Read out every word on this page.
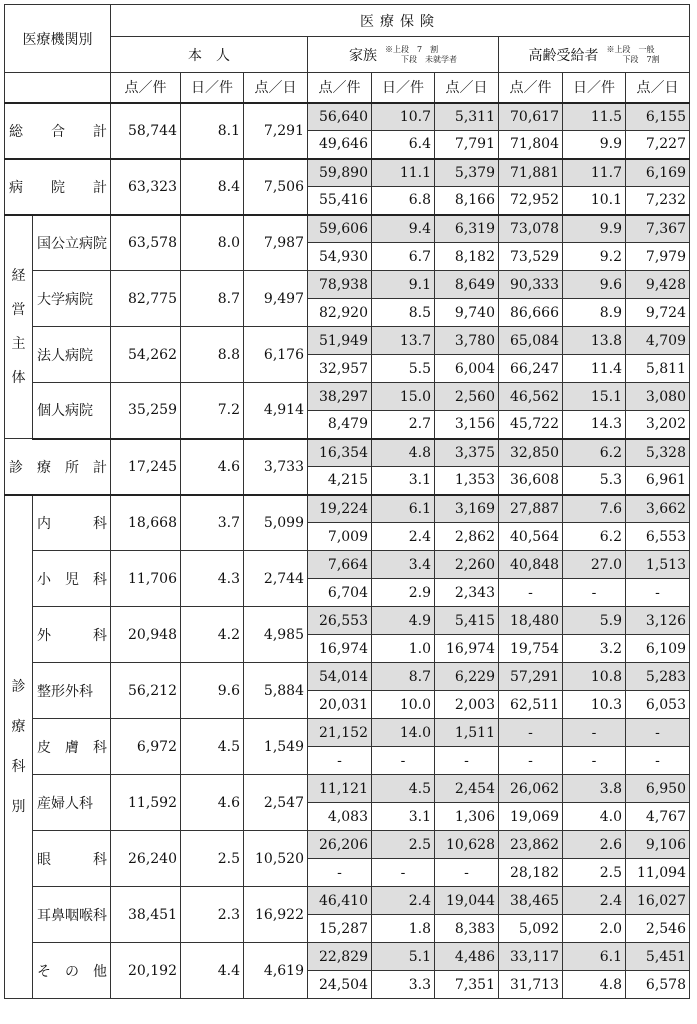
医療機関別		医療保険								
		本　人			家族 ※上段　7　割
下段　未就学者			高齢受給者 ※上段　一般
下段　7割		

		点／件	日／件	点／日	点／件	日／件	点／日	点／件	日／件	点／日
総　　合　　計		58,744	8.1	7,291	56,640	10.7	5,311	70,617	11.5	6,155
					49,646	6.4	7,791	71,804	9.9	7,227
病　　院　　計		63,323	8.4	7,506	59,890	11.1	5,379	71,881	11.7	6,169
					55,416	6.8	8,166	72,952	10.1	7,232

経営主体	国公立病院	63,578	8.0	7,987	59,606	9.4	6,319	73,078	9.9	7,367
					54,930	6.7	8,182	73,529	9.2	7,979
	大学病院	82,775	8.7	9,497	78,938	9.1	8,649	90,333	9.6	9,428
					82,920	8.5	9,740	86,666	8.9	9,724
	法人病院	54,262	8.8	6,176	51,949	13.7	3,780	65,084	13.8	4,709
					32,957	5.5	6,004	66,247	11.4	5,811
	個人病院	35,259	7.2	4,914	38,297	15.0	2,560	46,562	15.1	3,080
					8,479	2.7	3,156	45,722	14.3	3,202
診　療　所　計		17,245	4.6	3,733	16,354	4.8	3,375	32,850	6.2	5,328
					4,215	3.1	1,353	36,608	5.3	6,961

診療科別	内　　　科	18,668	3.7	5,099	19,224	6.1	3,169	27,887	7.6	3,662
					7,009	2.4	2,862	40,564	6.2	6,553
	小　児　科	11,706	4.3	2,744	7,664	3.4	2,260	40,848	27.0	1,513
					6,704	2.9	2,343	-	-	-
	外　　　科	20,948	4.2	4,985	26,553	4.9	5,415	18,480	5.9	3,126
					16,974	1.0	16,974	19,754	3.2	6,109
	整形外科	56,212	9.6	5,884	54,014	8.7	6,229	57,291	10.8	5,283
					20,031	10.0	2,003	62,511	10.3	6,053
	皮　膚　科	6,972	4.5	1,549	21,152	14.0	1,511	-	-	-
					-	-	-	-	-	-
	産婦人科	11,592	4.6	2,547	11,121	4.5	2,454	26,062	3.8	6,950
					4,083	3.1	1,306	19,069	4.0	4,767
	眼　　　科	26,240	2.5	10,520	26,206	2.5	10,628	23,862	2.6	9,106
					-	-	-	28,182	2.5	11,094
	耳鼻咽喉科	38,451	2.3	16,922	46,410	2.4	19,044	38,465	2.4	16,027
					15,287	1.8	8,383	5,092	2.0	2,546
	そ　の　他	20,192	4.4	4,619	22,829	5.1	4,486	33,117	6.1	5,451
					24,504	3.3	7,351	31,713	4.8	6,578
